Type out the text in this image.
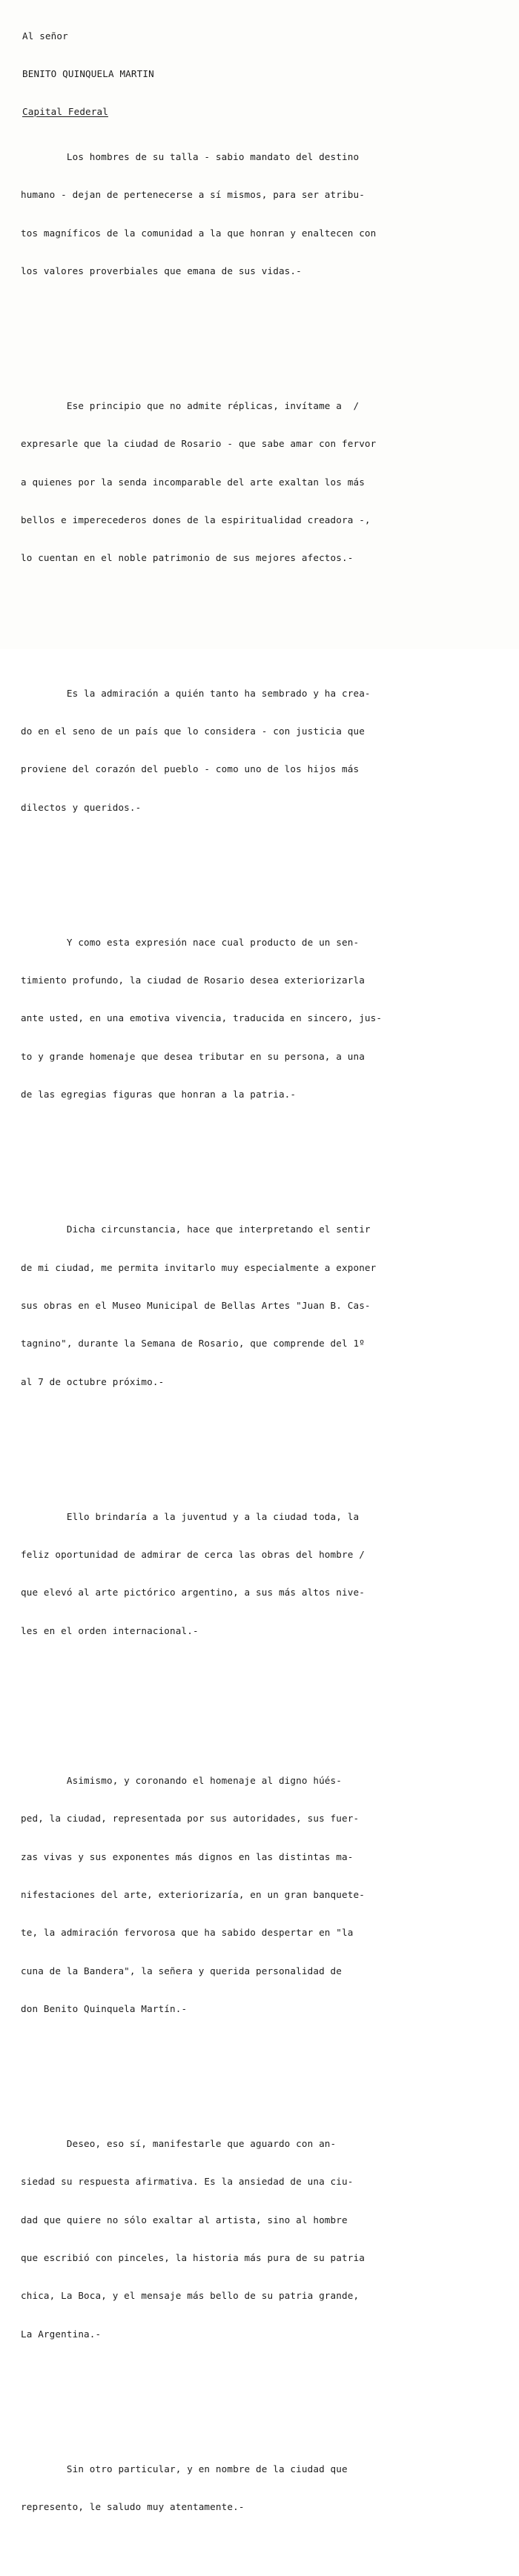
Al señor

BENITO QUINQUELA MARTIN

Capital Federal

Los hombres de su talla - sabio mandato del destino

humano - dejan de pertenecerse a sí mismos, para ser atribu-

tos magníficos de la comunidad a la que honran y enaltecen con

los valores proverbiales que emana de sus vidas.-

Ese principio que no admite réplicas, invítame a  /

expresarle que la ciudad de Rosario - que sabe amar con fervor

a quienes por la senda incomparable del arte exaltan los más

bellos e imperecederos dones de la espiritualidad creadora -,

lo cuentan en el noble patrimonio de sus mejores afectos.-

Es la admiración a quién tanto ha sembrado y ha crea-

do en el seno de un país que lo considera - con justicia que

proviene del corazón del pueblo - como uno de los hijos más

dilectos y queridos.-

Y como esta expresión nace cual producto de un sen-

timiento profundo, la ciudad de Rosario desea exteriorizarla

ante usted, en una emotiva vivencia, traducida en sincero, jus-

to y grande homenaje que desea tributar en su persona, a una

de las egregias figuras que honran a la patria.-

Dicha circunstancia, hace que interpretando el sentir

de mi ciudad, me permita invitarlo muy especialmente a exponer

sus obras en el Museo Municipal de Bellas Artes "Juan B. Cas-

tagnino", durante la Semana de Rosario, que comprende del 1º

al 7 de octubre próximo.-

Ello brindaría a la juventud y a la ciudad toda, la

feliz oportunidad de admirar de cerca las obras del hombre /

que elevó al arte pictórico argentino, a sus más altos nive-

les en el orden internacional.-

Asimismo, y coronando el homenaje al digno húés-

ped, la ciudad, representada por sus autoridades, sus fuer-

zas vivas y sus exponentes más dignos en las distintas ma-

nifestaciones del arte, exteriorizaría, en un gran banquete-

te, la admiración fervorosa que ha sabido despertar en "la

cuna de la Bandera", la señera y querida personalidad de

don Benito Quinquela Martín.-

Deseo, eso sí, manifestarle que aguardo con an-

siedad su respuesta afirmativa. Es la ansiedad de una ciu-

dad que quiere no sólo exaltar al artista, sino al hombre

que escribió con pinceles, la historia más pura de su patria

chica, La Boca, y el mensaje más bello de su patria grande,

La Argentina.-

Sin otro particular, y en nombre de la ciudad que

represento, le saludo muy atentamente.-
